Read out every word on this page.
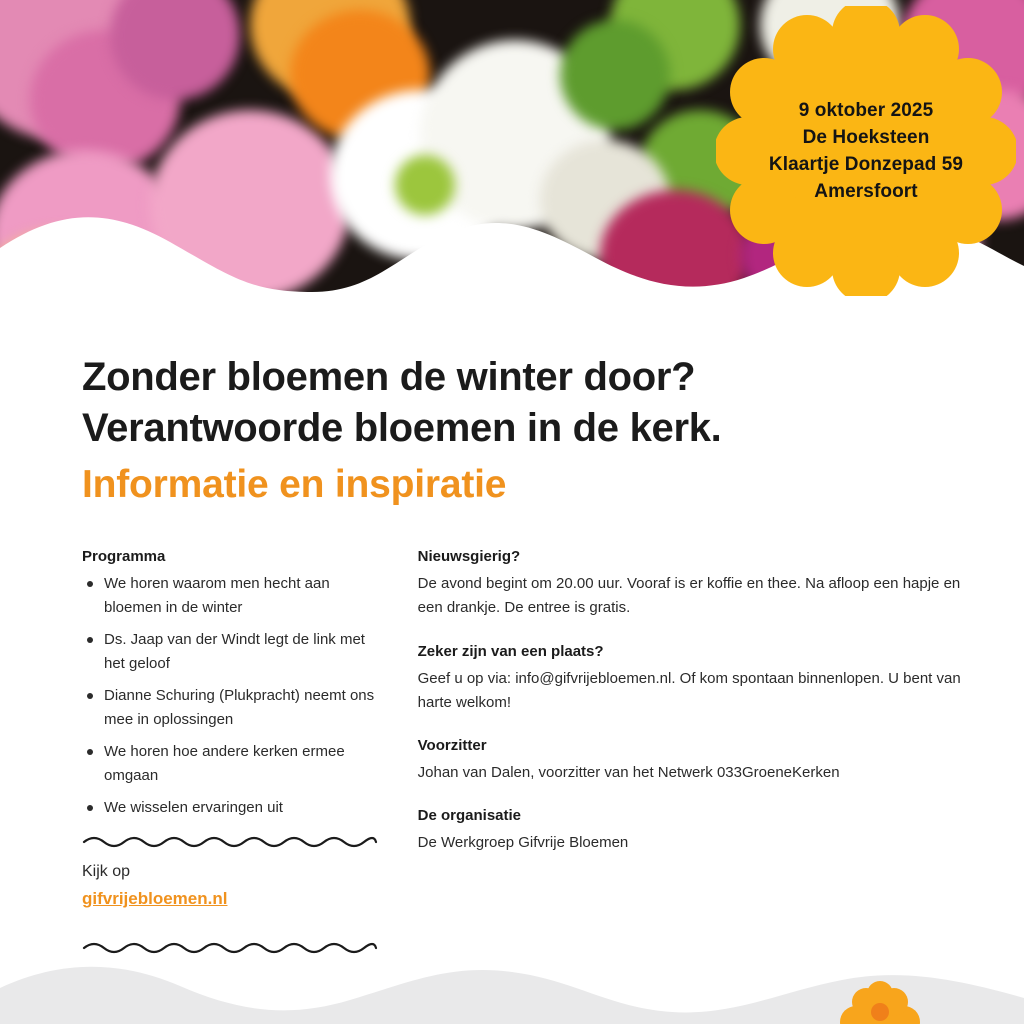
9 oktober 2025
De Hoeksteen
Klaartje Donzepad 59
Amersfoort
Zonder bloemen de winter door?
Verantwoorde bloemen in de kerk.
Informatie en inspiratie
Programma
We horen waarom men hecht aan bloemen in de winter
Ds. Jaap van der Windt legt de link met het geloof
Dianne Schuring (Plukpracht) neemt ons mee in oplossingen
We horen hoe andere kerken ermee omgaan
We wisselen ervaringen uit
Kijk op
gifvrijebloemen.nl
Nieuwsgierig?
De avond begint om 20.00 uur. Vooraf is er koffie en thee. Na afloop een hapje en een drankje. De entree is gratis.
Zeker zijn van een plaats?
Geef u op via: info@gifvrijebloemen.nl. Of kom spontaan binnenlopen. U bent van harte welkom!
Voorzitter
Johan van Dalen, voorzitter van het Netwerk 033GroeneKerken
De organisatie
De Werkgroep Gifvrije Bloemen
